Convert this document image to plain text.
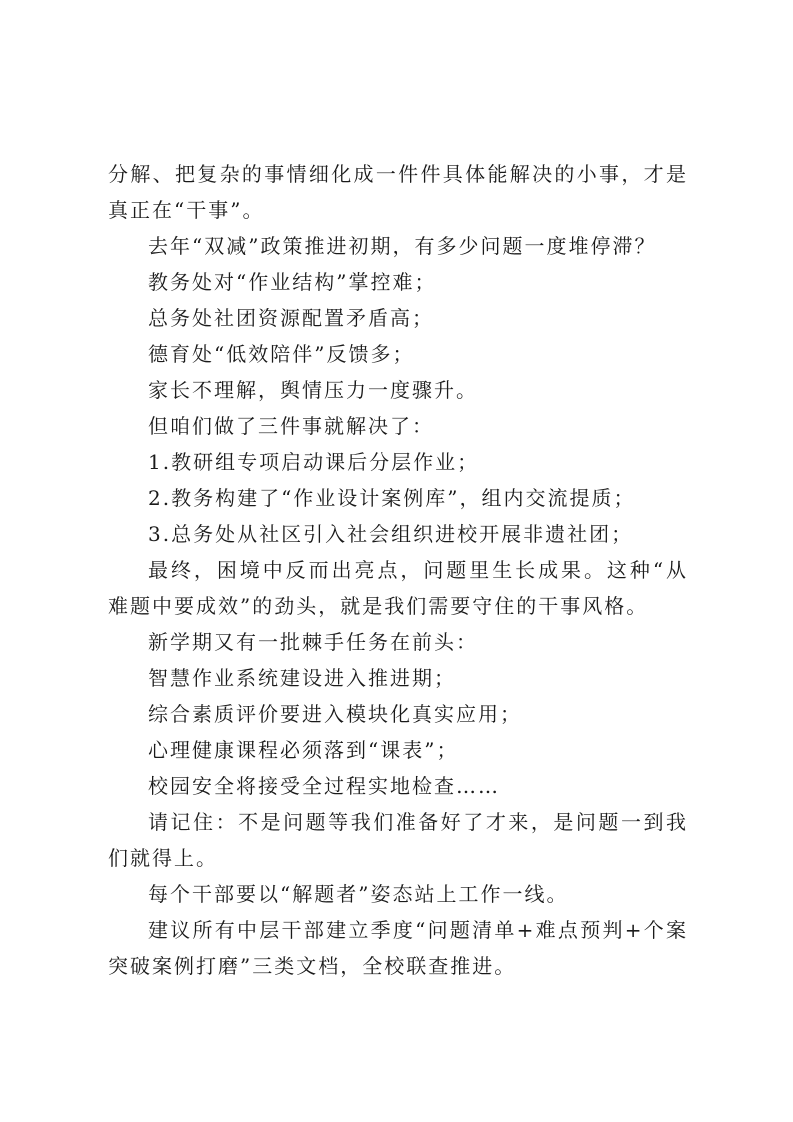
分解、把复杂的事情细化成一件件具体能解决的小事，才是真正在“干事”。

去年“双减”政策推进初期，有多少问题一度堆停滞？

教务处对“作业结构”掌控难；

总务处社团资源配置矛盾高；

德育处“低效陪伴”反馈多；

家长不理解，舆情压力一度骤升。

但咱们做了三件事就解决了：

1.教研组专项启动课后分层作业；

2.教务构建了“作业设计案例库”，组内交流提质；

3.总务处从社区引入社会组织进校开展非遗社团；

最终，困境中反而出亮点，问题里生长成果。这种“从难题中要成效”的劲头，就是我们需要守住的干事风格。

新学期又有一批棘手任务在前头：

智慧作业系统建设进入推进期；

综合素质评价要进入模块化真实应用；

心理健康课程必须落到“课表”；

校园安全将接受全过程实地检查……

请记住：不是问题等我们准备好了才来，是问题一到我们就得上。

每个干部要以“解题者”姿态站上工作一线。

建议所有中层干部建立季度“问题清单+难点预判+个案突破案例打磨”三类文档，全校联查推进。
